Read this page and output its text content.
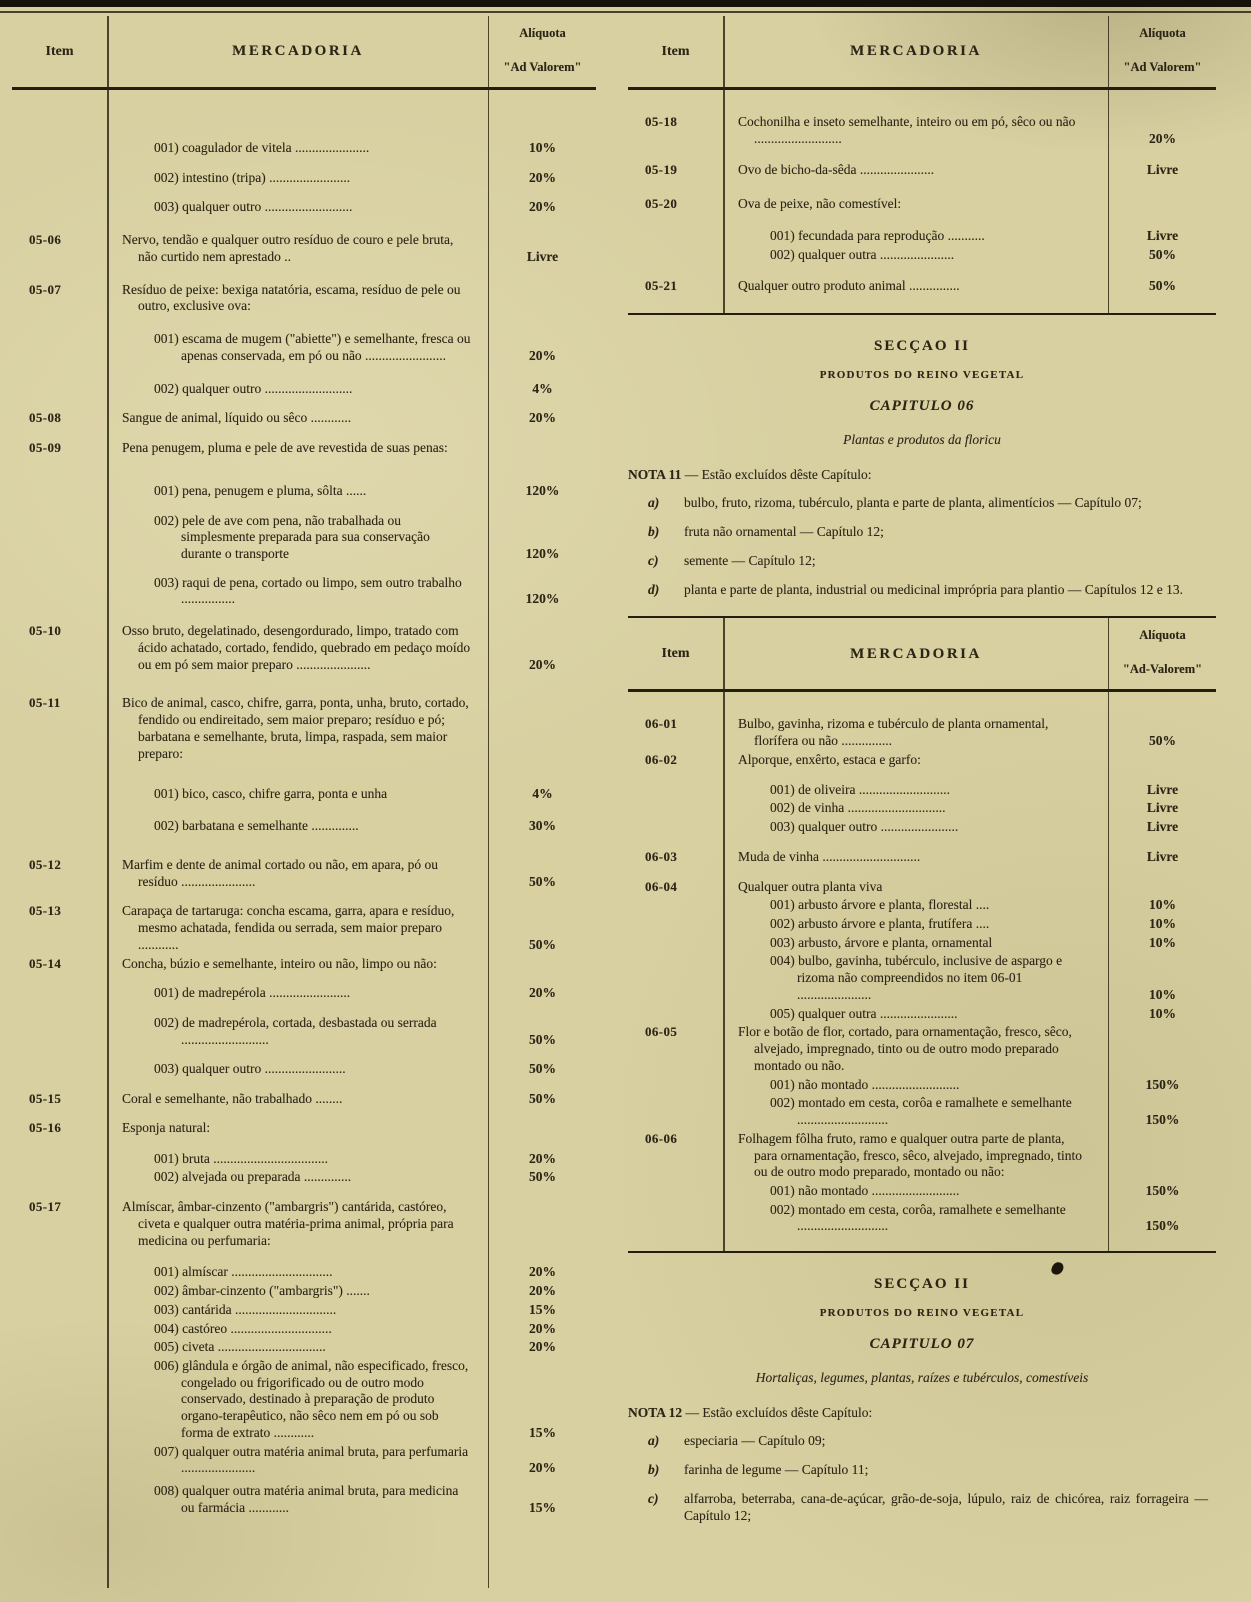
Item	MERCADORIA
Alíquota
"Ad Valorem"
001) coagulador de vitela ......................	10%
002) intestino (tripa) ........................	20%
003) qualquer outro ..........................	20%
05-06	Nervo, tendão e qualquer outro resíduo de couro e pele bruta, não curtido nem aprestado ..	Livre
05-07	Resíduo de peixe: bexiga natatória, escama, resíduo de pele ou outro, exclusive ova:
001) escama de mugem ("abiette") e semelhante, fresca ou apenas conservada, em pó ou não ........................	20%
002) qualquer outro ..........................	4%
05-08	Sangue de animal, líquido ou sêco ............	20%
05-09	Pena penugem, pluma e pele de ave revestida de suas penas:
001) pena, penugem e pluma, sôlta ......	120%
002) pele de ave com pena, não trabalhada ou simplesmente preparada para sua conservação durante o transporte	120%
003) raqui de pena, cortado ou limpo, sem outro trabalho ................	120%
05-10	Osso bruto, degelatinado, desengordurado, limpo, tratado com ácido achatado, cortado, fendido, quebrado em pedaço moído ou em pó sem maior preparo ......................	20%
05-11	Bico de animal, casco, chifre, garra, ponta, unha, bruto, cortado, fendido ou endireitado, sem maior preparo; resíduo e pó; barbatana e semelhante, bruta, limpa, raspada, sem maior preparo:
001) bico, casco, chifre garra, ponta e unha	4%
002) barbatana e semelhante ..............	30%
05-12	Marfim e dente de animal cortado ou não, em apara, pó ou resíduo ......................	50%
05-13	Carapaça de tartaruga: concha escama, garra, apara e resíduo, mesmo achatada, fendida ou serrada, sem maior preparo ............	50%
05-14	Concha, búzio e semelhante, inteiro ou não, limpo ou não:
001) de madrepérola ........................	20%
002) de madrepérola, cortada, desbastada ou serrada ..........................	50%
003) qualquer outro ........................	50%
05-15	Coral e semelhante, não trabalhado ........	50%
05-16	Esponja natural:
001) bruta ..................................	20%
002) alvejada ou preparada ..............	50%
05-17	Almíscar, âmbar-cinzento ("ambargris") cantárida, castóreo, civeta e qualquer outra matéria-prima animal, própria para medicina ou perfumaria:
001) almíscar ..............................	20%
002) âmbar-cinzento ("ambargris") .......	20%
003) cantárida ..............................	15%
004) castóreo ..............................	20%
005) civeta ................................	20%
006) glândula e órgão de animal, não especificado, fresco, congelado ou frigorificado ou de outro modo conservado, destinado à preparação de produto organo-terapêutico, não sêco nem em pó ou sob forma de extrato ............	15%
007) qualquer outra matéria animal bruta, para perfumaria ......................	20%
008) qualquer outra matéria animal bruta, para medicina ou farmácia ............	15%
Item	MERCADORIA
Alíquota
"Ad Valorem"
05-18	Cochonilha e inseto semelhante, inteiro ou em pó, sêco ou não ..........................	20%
05-19	Ovo de bicho-da-sêda ......................	Livre
05-20	Ova de peixe, não comestível:
001) fecundada para reprodução ...........	Livre
002) qualquer outra ......................	50%
05-21	Qualquer outro produto animal ...............	50%
SECÇAO II
PRODUTOS DO REINO VEGETAL
CAPITULO 06
Plantas e produtos da floricu
NOTA 11 — Estão excluídos dêste Capítulo:
a)	bulbo, fruto, rizoma, tubérculo, planta e parte de planta, alimentícios — Capítulo 07;
b)	fruta não ornamental — Capítulo 12;
c)	semente — Capítulo 12;
d)	planta e parte de planta, industrial ou medicinal imprópria para plantio — Capítulos 12 e 13.
Item	MERCADORIA
Alíquota
"Ad-Valorem"
06-01	Bulbo, gavinha, rizoma e tubérculo de planta ornamental, florífera ou não ...............	50%
06-02	Alporque, enxêrto, estaca e garfo:
001) de oliveira ...........................	Livre
002) de vinha .............................	Livre
003) qualquer outro .......................	Livre
06-03	Muda de vinha .............................	Livre
06-04	Qualquer outra planta viva
001) arbusto árvore e planta, florestal ....	10%
002) arbusto árvore e planta, frutífera ....	10%
003) arbusto, árvore e planta, ornamental	10%
004) bulbo, gavinha, tubérculo, inclusive de aspargo e rizoma não compreendidos no item 06-01 ......................	10%
005) qualquer outra .......................	10%
06-05	Flor e botão de flor, cortado, para ornamentação, fresco, sêco, alvejado, impregnado, tinto ou de outro modo preparado montado ou não.
001) não montado ..........................	150%
002) montado em cesta, corôa e ramalhete e semelhante ...........................	150%
06-06	Folhagem fôlha fruto, ramo e qualquer outra parte de planta, para ornamentação, fresco, sêco, alvejado, impregnado, tinto ou de outro modo preparado, montado ou não:
001) não montado ..........................	150%
002) montado em cesta, corôa, ramalhete e semelhante ...........................	150%
SECÇAO II
PRODUTOS DO REINO VEGETAL
CAPITULO 07
Hortaliças, legumes, plantas, raízes e tubérculos, comestíveis
NOTA 12 — Estão excluídos dêste Capítulo:
a)	especiaria — Capítulo 09;
b)	farinha de legume — Capítulo 11;
c)	alfarroba, beterraba, cana-de-açúcar, grão-de-soja, lúpulo, raiz de chicórea, raiz forrageira — Capítulo 12;
